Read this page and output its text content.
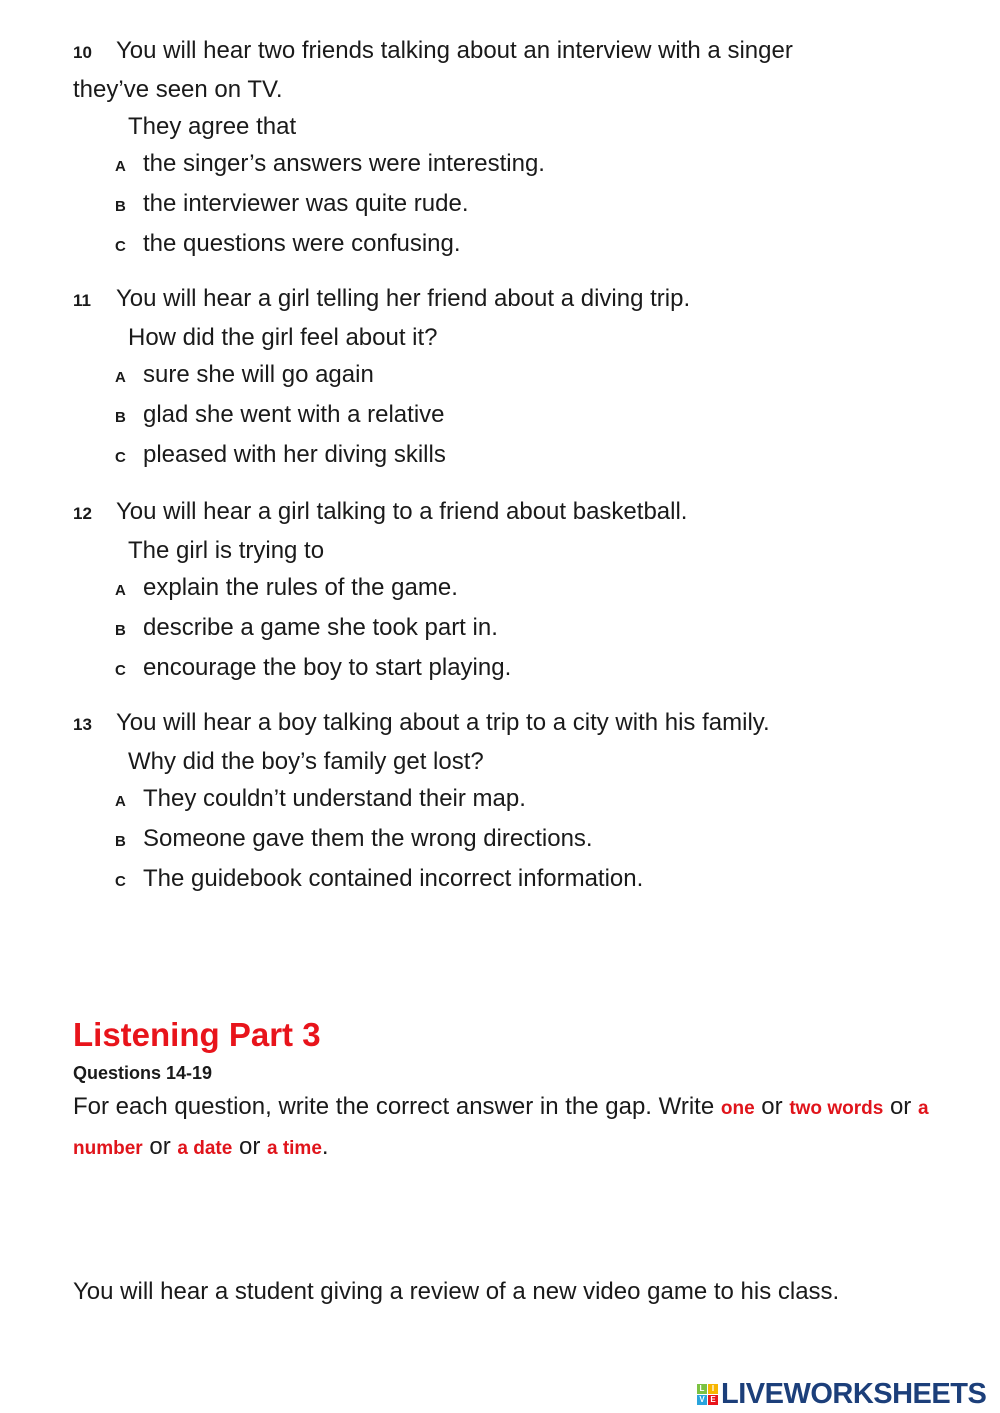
10 You will hear two friends talking about an interview with a singer
they’ve seen on TV.
They agree that
A the singer’s answers were interesting.
B the interviewer was quite rude.
C the questions were confusing.
11 You will hear a girl telling her friend about a diving trip.
How did the girl feel about it?
A sure she will go again
B glad she went with a relative
C pleased with her diving skills
12 You will hear a girl talking to a friend about basketball.
The girl is trying to
A explain the rules of the game.
B describe a game she took part in.
C encourage the boy to start playing.
13 You will hear a boy talking about a trip to a city with his family.
Why did the boy’s family get lost?
A They couldn’t understand their map.
B Someone gave them the wrong directions.
C The guidebook contained incorrect information.
Listening Part 3
Questions 14-19
For each question, write the correct answer in the gap. Write one or two words or a number or a date or a time.
You will hear a student giving a review of a new video game to his class.
L I
V E LIVEWORKSHEETS
